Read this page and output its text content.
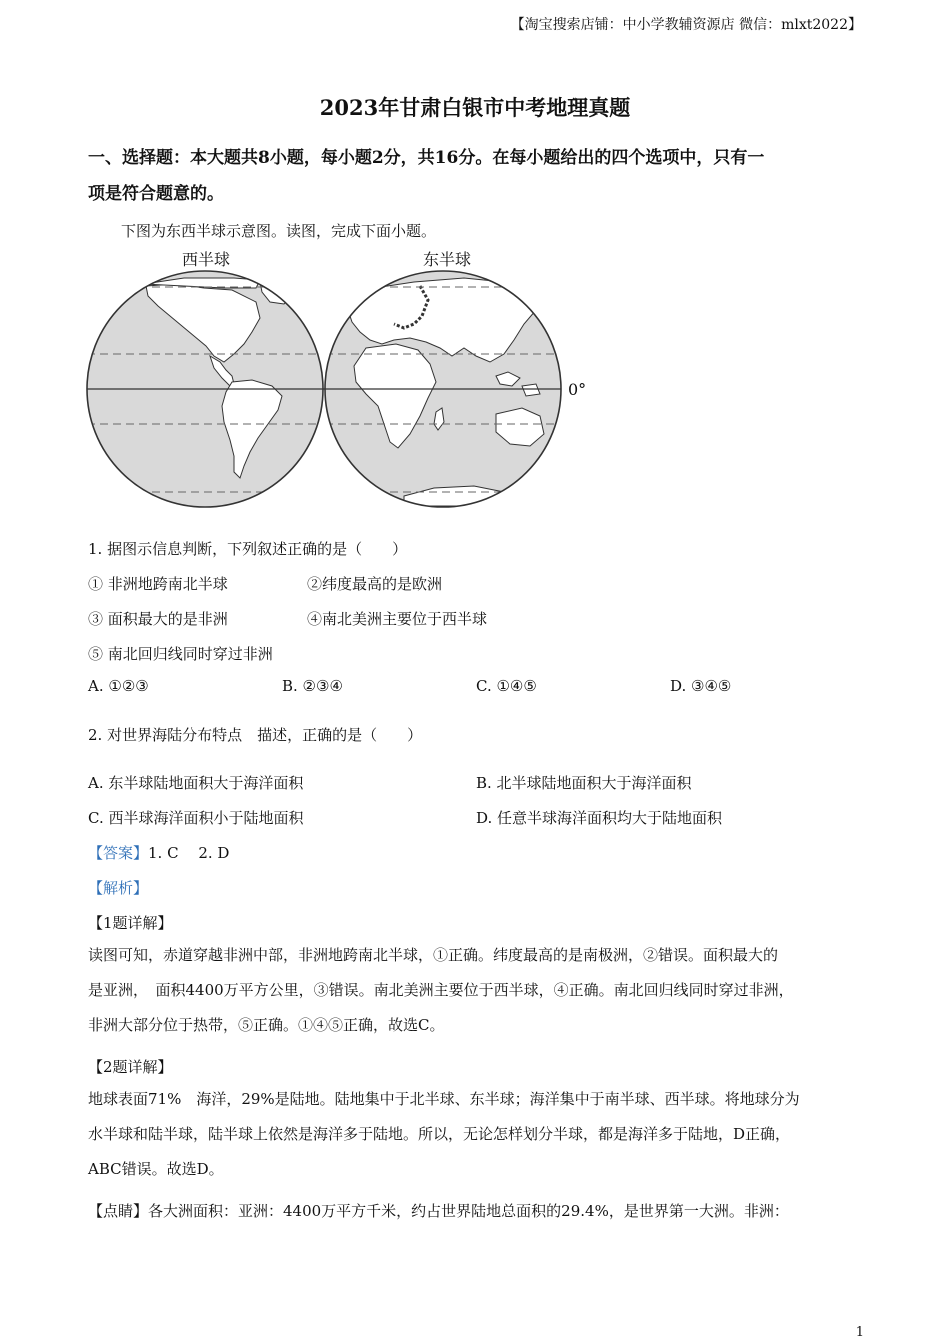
【淘宝搜索店铺：中小学教辅资源店 微信：mlxt2022】
2023年甘肃白银市中考地理真题
一、选择题：本大题共8小题，每小题2分，共16分。在每小题给出的四个选项中，只有一
项是符合题意的。
下图为东西半球示意图。读图，完成下面小题。
西半球	东半球
0°
1. 据图示信息判断，下列叙述正确的是（　　）
① 非洲地跨南北半球	②纬度最高的是欧洲
③ 面积最大的是非洲	④南北美洲主要位于西半球
⑤ 南北回归线同时穿过非洲
A. ①②③	B. ②③④	C. ①④⑤	D. ③④⑤
2. 对世界海陆分布特点　描述，正确的是（　　）
A. 东半球陆地面积大于海洋面积	B. 北半球陆地面积大于海洋面积
C. 西半球海洋面积小于陆地面积	D. 任意半球海洋面积均大于陆地面积
【答案】1. C　 2. D
【解析】
【1题详解】
读图可知，赤道穿越非洲中部，非洲地跨南北半球，①正确。纬度最高的是南极洲，②错误。面积最大的
是亚洲，　面积4400万平方公里，③错误。南北美洲主要位于西半球，④正确。南北回归线同时穿过非洲，
非洲大部分位于热带，⑤正确。①④⑤正确，故选C。
【2题详解】
地球表面71%　海洋，29%是陆地。陆地集中于北半球、东半球；海洋集中于南半球、西半球。将地球分为
水半球和陆半球，陆半球上依然是海洋多于陆地。所以，无论怎样划分半球，都是海洋多于陆地，D正确，
ABC错误。故选D。
【点睛】各大洲面积：亚洲：4400万平方千米，约占世界陆地总面积的29.4%，是世界第一大洲。非洲：
1
